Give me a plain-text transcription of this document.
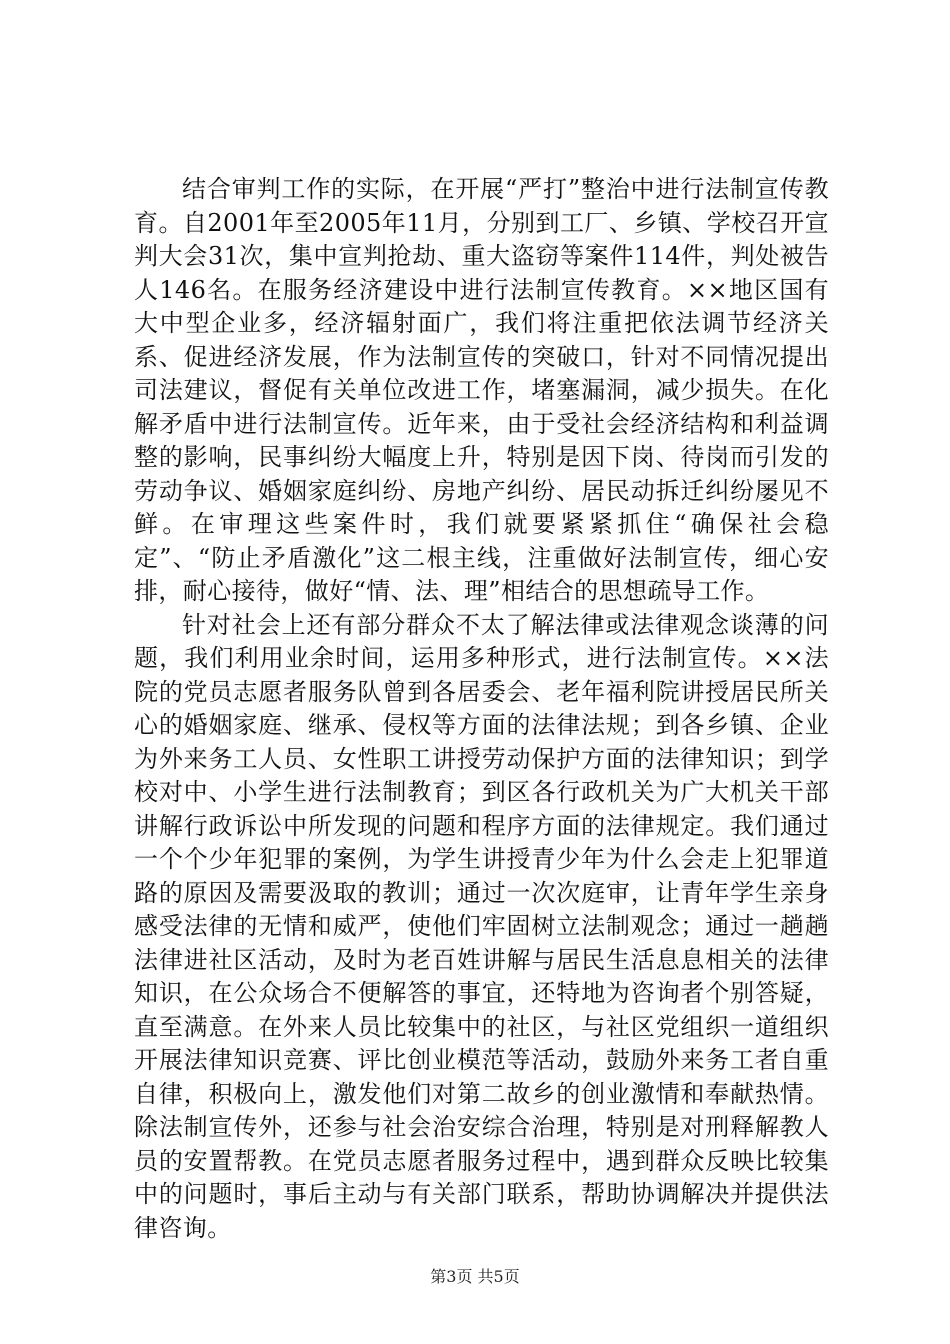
结合审判工作的实际，在开展“严打”整治中进行法制宣传教育。自2001年至2005年11月，分别到工厂、乡镇、学校召开宣判大会31次，集中宣判抢劫、重大盗窃等案件114件，判处被告人146名。在服务经济建设中进行法制宣传教育。××地区国有大中型企业多，经济辐射面广，我们将注重把依法调节经济关系、促进经济发展，作为法制宣传的突破口，针对不同情况提出司法建议，督促有关单位改进工作，堵塞漏洞，减少损失。在化解矛盾中进行法制宣传。近年来，由于受社会经济结构和利益调整的影响，民事纠纷大幅度上升，特别是因下岗、待岗而引发的劳动争议、婚姻家庭纠纷、房地产纠纷、居民动拆迁纠纷屡见不鲜。在审理这些案件时，我们就要紧紧抓住“确保社会稳定”、“防止矛盾激化”这二根主线，注重做好法制宣传，细心安排，耐心接待，做好“情、法、理”相结合的思想疏导工作。

针对社会上还有部分群众不太了解法律或法律观念谈薄的问题，我们利用业余时间，运用多种形式，进行法制宣传。××法院的党员志愿者服务队曾到各居委会、老年福利院讲授居民所关心的婚姻家庭、继承、侵权等方面的法律法规；到各乡镇、企业为外来务工人员、女性职工讲授劳动保护方面的法律知识；到学校对中、小学生进行法制教育；到区各行政机关为广大机关干部讲解行政诉讼中所发现的问题和程序方面的法律规定。我们通过一个个少年犯罪的案例，为学生讲授青少年为什么会走上犯罪道路的原因及需要汲取的教训；通过一次次庭审，让青年学生亲身感受法律的无情和威严，使他们牢固树立法制观念；通过一趟趟法律进社区活动，及时为老百姓讲解与居民生活息息相关的法律知识，在公众场合不便解答的事宜，还特地为咨询者个别答疑，直至满意。在外来人员比较集中的社区，与社区党组织一道组织开展法律知识竞赛、评比创业模范等活动，鼓励外来务工者自重自律，积极向上，激发他们对第二故乡的创业激情和奉献热情。除法制宣传外，还参与社会治安综合治理，特别是对刑释解教人员的安置帮教。在党员志愿者服务过程中，遇到群众反映比较集中的问题时，事后主动与有关部门联系，帮助协调解决并提供法律咨询。

第3页 共5页
